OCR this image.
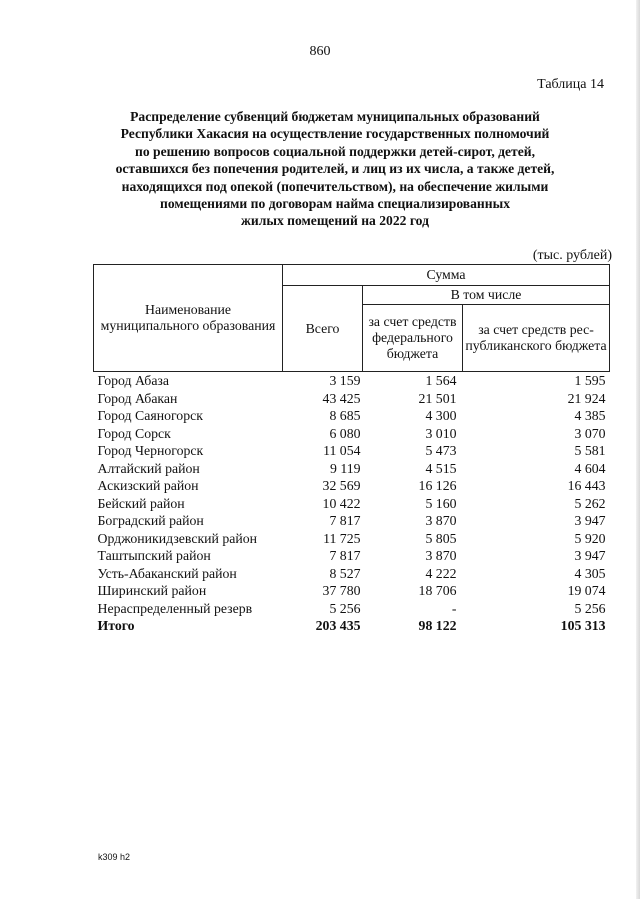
860
Таблица 14
Распределение субвенций бюджетам муниципальных образований
Республики Хакасия на осуществление государственных полномочий
по решению вопросов социальной поддержки детей-сирот, детей,
оставшихся без попечения родителей, и лиц из их числа, а также детей,
находящихся под опекой (попечительством), на обеспечение жилыми
помещениями по договорам найма специализированных
жилых помещений на 2022 год
(тыс. рублей)
Наименование муниципального образования	Сумма		
	Всего	В том числе	
		за счет средств федерального бюджета	за счет средств рес-публиканского бюджета
Город Абаза	3 159	1 564	1 595
Город Абакан	43 425	21 501	21 924
Город Саяногорск	8 685	4 300	4 385
Город Сорск	6 080	3 010	3 070
Город Черногорск	11 054	5 473	5 581
Алтайский район	9 119	4 515	4 604
Аскизский район	32 569	16 126	16 443
Бейский район	10 422	5 160	5 262
Боградский район	7 817	3 870	3 947
Орджоникидзевский район	11 725	5 805	5 920
Таштыпский район	7 817	3 870	3 947
Усть-Абаканский район	8 527	4 222	4 305
Ширинский район	37 780	18 706	19 074
Нераспределенный резерв	5 256	-	5 256
Итого	203 435	98 122	105 313
k309 h2
